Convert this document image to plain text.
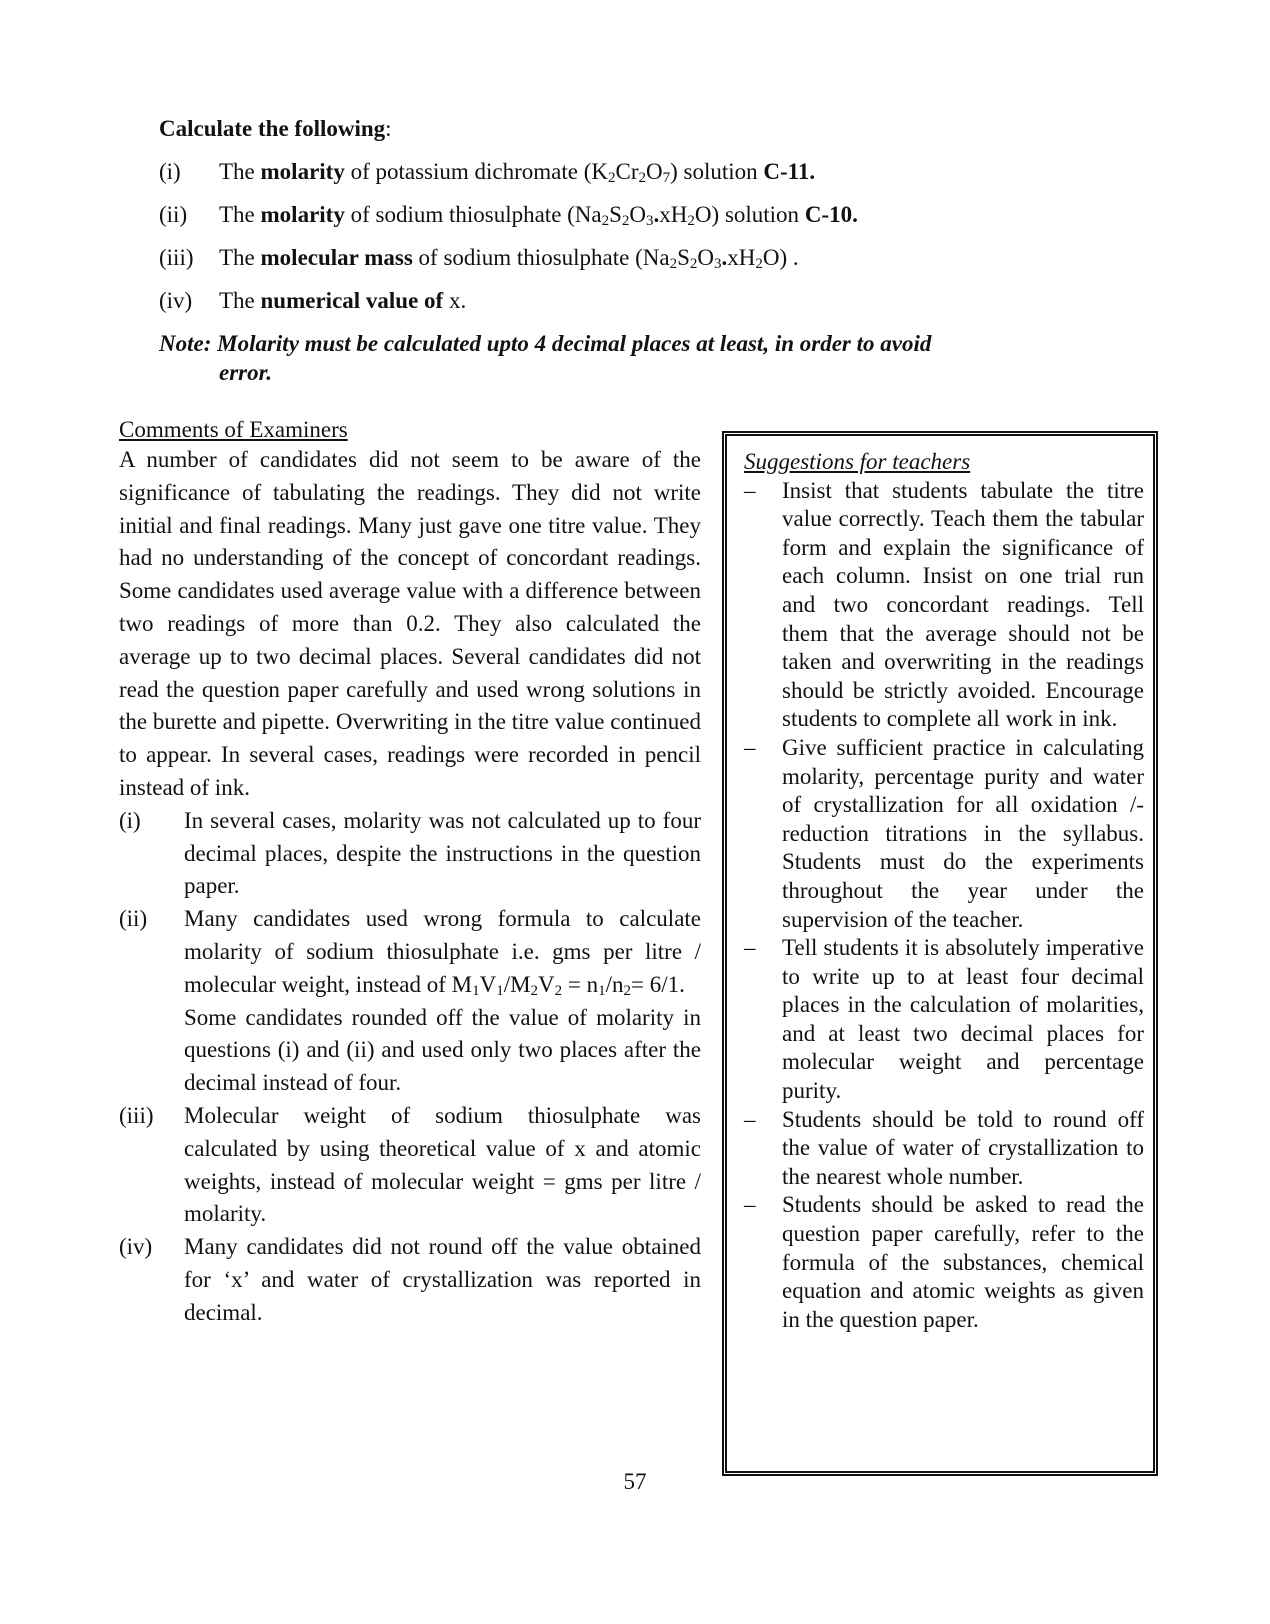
Calculate the following:

(i) The molarity of potassium dichromate $(K_2Cr_2O_7)$ solution C-11.
(ii) The molarity of sodium thiosulphate $(Na_2S_2O_3.xH_2O)$ solution C-10.
(iii) The molecular mass of sodium thiosulphate $(Na_2S_2O_3.xH_2O)$ .
(iv) The numerical value of x.
Note: Molarity must be calculated upto 4 decimal places at least, in order to avoid
error.

Comments of Examiners

A number of candidates did not seem to be aware of the significance of tabulating the readings. They did not write initial and final readings. Many just gave one titre value. They had no understanding of the concept of concordant readings. Some candidates used average value with a difference between two readings of more than 0.2. They also calculated the average up to two decimal places. Several candidates did not read the question paper carefully and used wrong solutions in the burette and pipette. Overwriting in the titre value continued to appear. In several cases, readings were recorded in pencil instead of ink.

(i) In several cases, molarity was not calculated up to four decimal places, despite the instructions in the question paper.

(ii) Many candidates used wrong formula to calculate molarity of sodium thiosulphate i.e. gms per litre / molecular weight, instead of $M_1V_1/M_2V_2 = n_1/n_2= 6/1$.

Some candidates rounded off the value of molarity in questions (i) and (ii) and used only two places after the decimal instead of four.

(iii) Molecular weight of sodium thiosulphate was calculated by using theoretical value of x and atomic weights, instead of molecular weight = gms per litre / molarity.

(iv) Many candidates did not round off the value obtained for ‘x’ and water of crystallization was reported in decimal.

Suggestions for teachers

– Insist that students tabulate the titre value correctly. Teach them the tabular form and explain the significance of each column. Insist on one trial run and two concordant readings. Tell them that the average should not be taken and overwriting in the readings should be strictly avoided. Encourage students to complete all work in ink.
– Give sufficient practice in calculating molarity, percentage purity and water of crystallization for all oxidation /-reduction titrations in the syllabus. Students must do the experiments throughout the year under the supervision of the teacher.
– Tell students it is absolutely imperative to write up to at least four decimal places in the calculation of molarities, and at least two decimal places for molecular weight and percentage purity.
– Students should be told to round off the value of water of crystallization to the nearest whole number.
– Students should be asked to read the question paper carefully, refer to the formula of the substances, chemical equation and atomic weights as given in the question paper.
57
